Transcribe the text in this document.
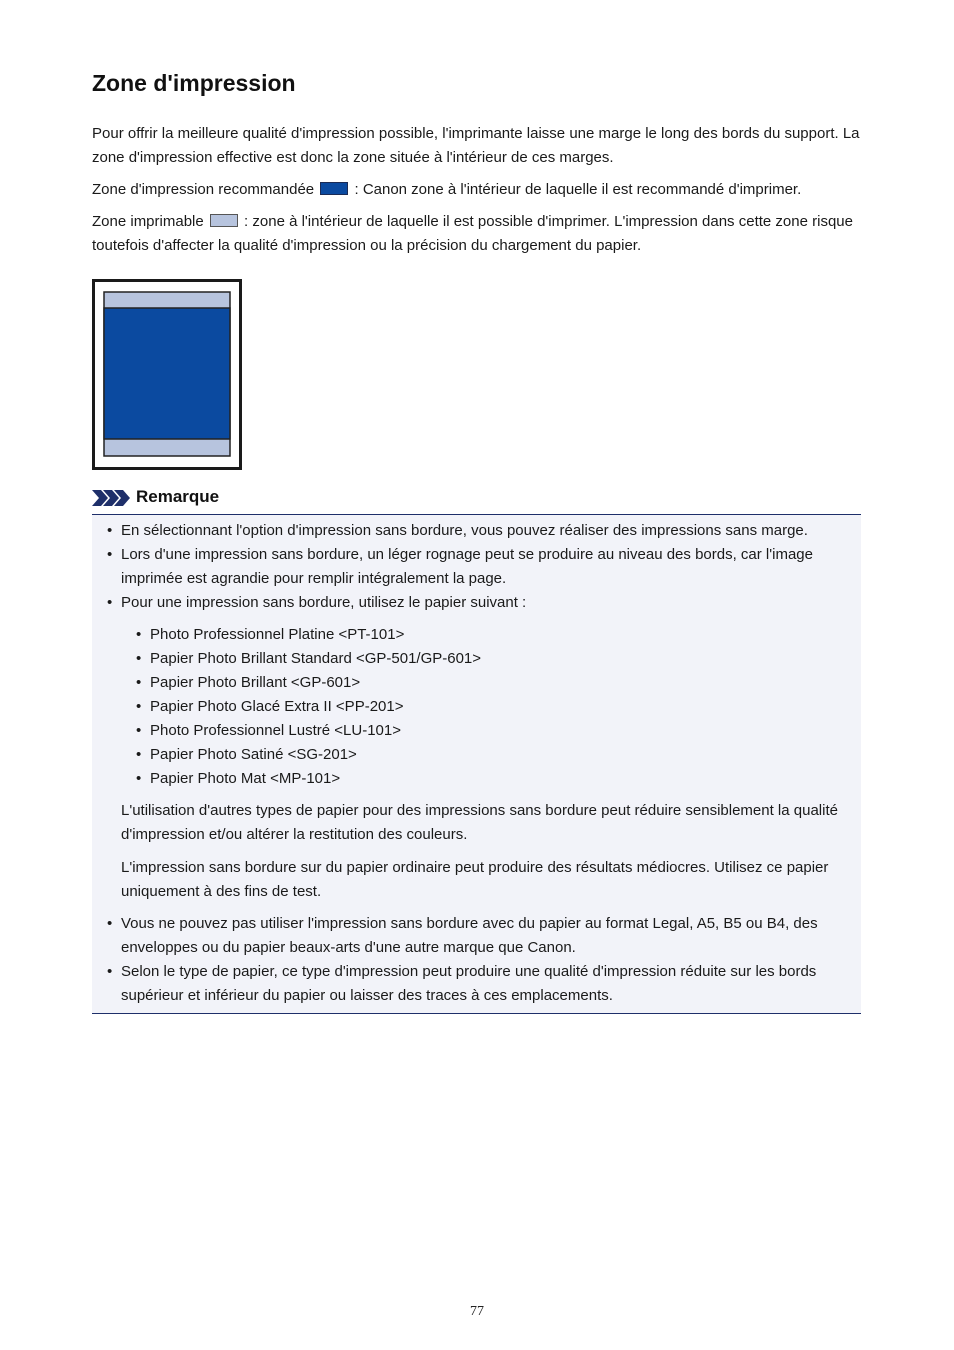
Zone d'impression

Pour offrir la meilleure qualité d'impression possible, l'imprimante laisse une marge le long des bords du support. La zone d'impression effective est donc la zone située à l'intérieur de ces marges.

Zone d'impression recommandée  : Canon zone à l'intérieur de laquelle il est recommandé d'imprimer.

Zone imprimable  : zone à l'intérieur de laquelle il est possible d'imprimer. L'impression dans cette zone risque toutefois d'affecter la qualité d'impression ou la précision du chargement du papier.

Remarque

• En sélectionnant l'option d'impression sans bordure, vous pouvez réaliser des impressions sans marge.

• Lors d'une impression sans bordure, un léger rognage peut se produire au niveau des bords, car l'image imprimée est agrandie pour remplir intégralement la page.

• Pour une impression sans bordure, utilisez le papier suivant :

• Photo Professionnel Platine <PT-101>

• Papier Photo Brillant Standard <GP-501/GP-601>

• Papier Photo Brillant <GP-601>

• Papier Photo Glacé Extra II <PP-201>

• Photo Professionnel Lustré <LU-101>

• Papier Photo Satiné <SG-201>

• Papier Photo Mat <MP-101>

L'utilisation d'autres types de papier pour des impressions sans bordure peut réduire sensiblement la qualité d'impression et/ou altérer la restitution des couleurs.

L'impression sans bordure sur du papier ordinaire peut produire des résultats médiocres. Utilisez ce papier uniquement à des fins de test.

• Vous ne pouvez pas utiliser l'impression sans bordure avec du papier au format Legal, A5, B5 ou B4, des enveloppes ou du papier beaux-arts d'une autre marque que Canon.

• Selon le type de papier, ce type d'impression peut produire une qualité d'impression réduite sur les bords supérieur et inférieur du papier ou laisser des traces à ces emplacements.

77
